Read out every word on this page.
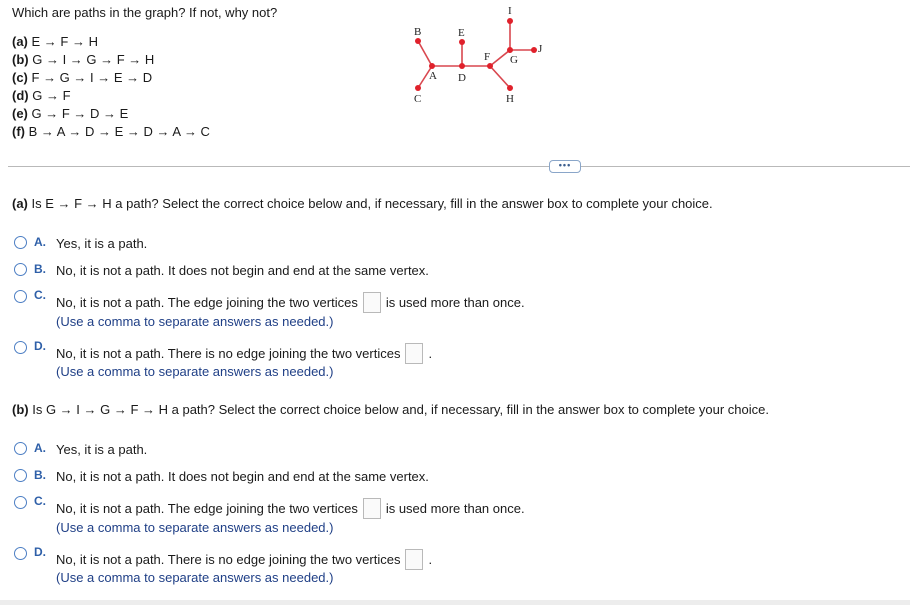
Which are paths in the graph? If not, why not?
(a) E → F → H
(b) G → I → G → F → H
(c) F → G → I → E → D
(d) G → F
(e) G → F → D → E
(f) B → A → D → E → D → A → C
A
B
C
D
E
F G
H
I
J
•••
(a) Is E → F → H a path? Select the correct choice below and, if necessary, fill in the answer box to complete your choice.
A. Yes, it is a path.
B. No, it is not a path. It does not begin and end at the same vertex.
C. No, it is not a path. The edge joining the two vertices is used more than once.
(Use a comma to separate answers as needed.)
D. No, it is not a path. There is no edge joining the two vertices .
(Use a comma to separate answers as needed.)
(b) Is G → I → G → F → H a path? Select the correct choice below and, if necessary, fill in the answer box to complete your choice.
A. Yes, it is a path.
B. No, it is not a path. It does not begin and end at the same vertex.
C. No, it is not a path. The edge joining the two vertices is used more than once.
(Use a comma to separate answers as needed.)
D. No, it is not a path. There is no edge joining the two vertices .
(Use a comma to separate answers as needed.)
